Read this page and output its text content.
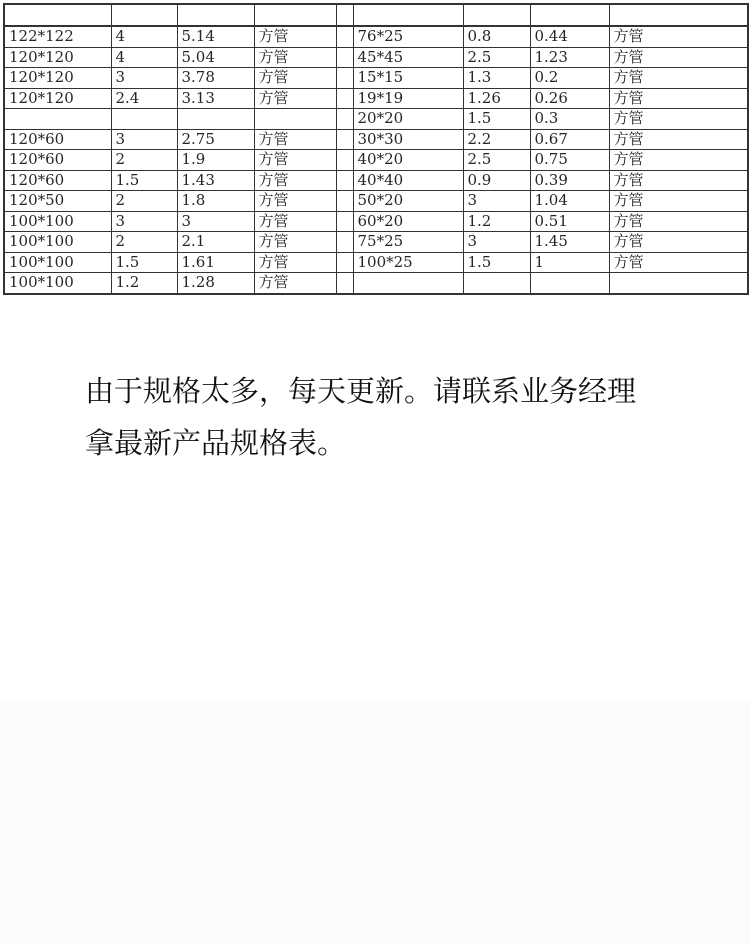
122*122	4	5.14	方管		76*25	0.8	0.44	方管
120*120	4	5.04	方管		45*45	2.5	1.23	方管
120*120	3	3.78	方管		15*15	1.3	0.2	方管
120*120	2.4	3.13	方管		19*19	1.26	0.26	方管
					20*20	1.5	0.3	方管
120*60	3	2.75	方管		30*30	2.2	0.67	方管
120*60	2	1.9	方管		40*20	2.5	0.75	方管
120*60	1.5	1.43	方管		40*40	0.9	0.39	方管
120*50	2	1.8	方管		50*20	3	1.04	方管
100*100	3	3	方管		60*20	1.2	0.51	方管
100*100	2	2.1	方管		75*25	3	1.45	方管
100*100	1.5	1.61	方管		100*25	1.5	1	方管
100*100	1.2	1.28	方管					
由于规格太多，每天更新。请联系业务经理
拿最新产品规格表。
